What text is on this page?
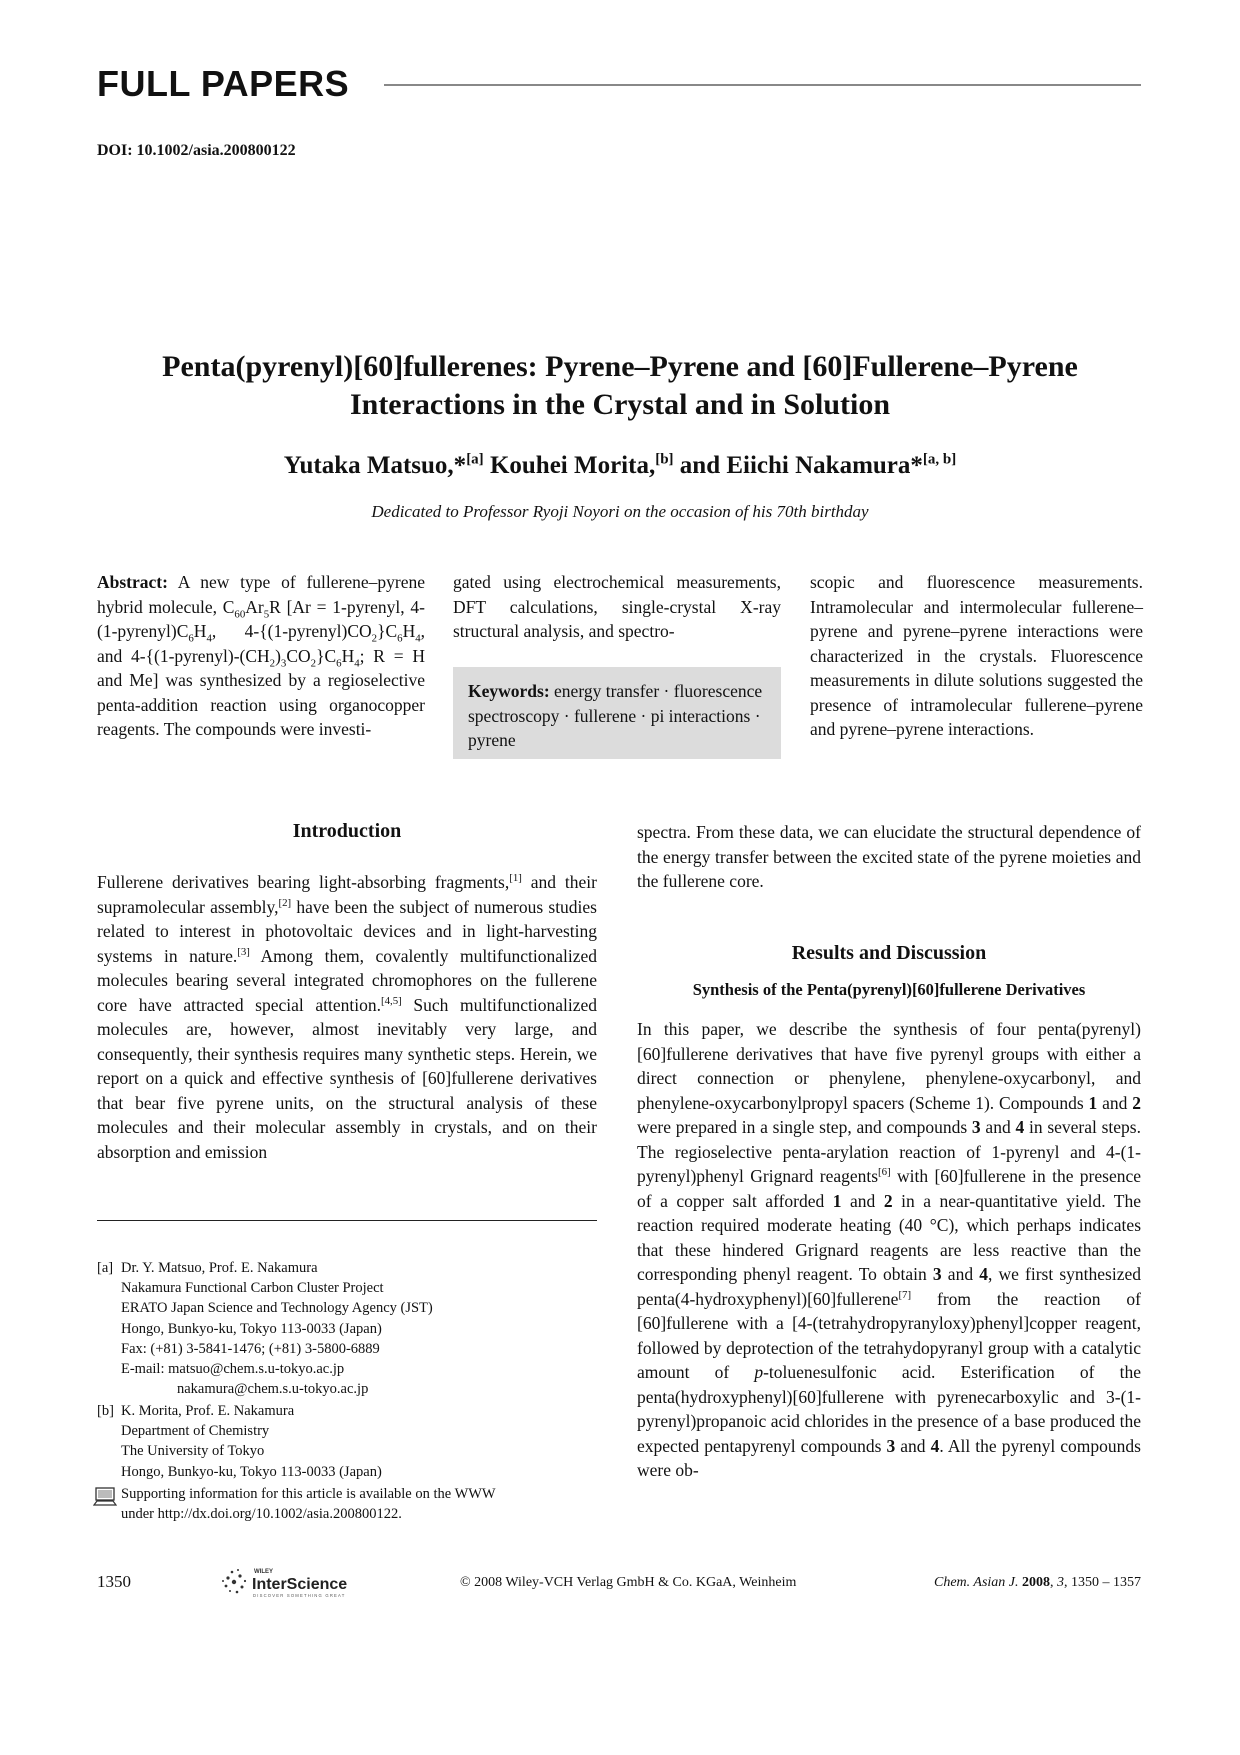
FULL PAPERS
DOI: 10.1002/asia.200800122
Penta(pyrenyl)[60]fullerenes: Pyrene–Pyrene and [60]Fullerene–Pyrene
Interactions in the Crystal and in Solution
Yutaka Matsuo,*[a] Kouhei Morita,[b] and Eiichi Nakamura*[a, b]
Dedicated to Professor Ryoji Noyori on the occasion of his 70th birthday
Abstract: A new type of fullerene–pyrene hybrid molecule, $C_{60}Ar_5R$ [Ar = 1-pyrenyl, $4-(1-pyrenyl)C_6H_4$, $4-\{(1-pyrenyl)CO_2\}C_6H_4$, and $4-\{(1-pyrenyl)-(CH_2)_3CO_2\}C_6H_4$; R = H and Me] was synthesized by a regioselective penta-addition reaction using organocopper reagents. The compounds were investi-
gated using electrochemical measurements, DFT calculations, single-crystal X-ray structural analysis, and spectro-
Keywords: energy transfer · fluorescence spectroscopy · fullerene · pi interactions · pyrene
scopic and fluorescence measurements. Intramolecular and intermolecular fullerene–pyrene and pyrene–pyrene interactions were characterized in the crystals. Fluorescence measurements in dilute solutions suggested the presence of intramolecular fullerene–pyrene and pyrene–pyrene interactions.
Introduction
Fullerene derivatives bearing light-absorbing fragments,[1] and their supramolecular assembly,[2] have been the subject of numerous studies related to interest in photovoltaic devices and in light-harvesting systems in nature.[3] Among them, covalently multifunctionalized molecules bearing several integrated chromophores on the fullerene core have attracted special attention.[4,5] Such multifunctionalized molecules are, however, almost inevitably very large, and consequently, their synthesis requires many synthetic steps. Herein, we report on a quick and effective synthesis of [60]fullerene derivatives that bear five pyrene units, on the structural analysis of these molecules and their molecular assembly in crystals, and on their absorption and emission
spectra. From these data, we can elucidate the structural dependence of the energy transfer between the excited state of the pyrene moieties and the fullerene core.
Results and Discussion
Synthesis of the Penta(pyrenyl)[60]fullerene Derivatives
In this paper, we describe the synthesis of four penta(pyrenyl)[60]fullerene derivatives that have five pyrenyl groups with either a direct connection or phenylene, phenylene-oxycarbonyl, and phenylene-oxycarbonylpropyl spacers (Scheme 1). Compounds 1 and 2 were prepared in a single step, and compounds 3 and 4 in several steps. The regioselective penta-arylation reaction of 1-pyrenyl and 4-(1-pyrenyl)phenyl Grignard reagents[6] with [60]fullerene in the presence of a copper salt afforded 1 and 2 in a near-quantitative yield. The reaction required moderate heating (40 °C), which perhaps indicates that these hindered Grignard reagents are less reactive than the corresponding phenyl reagent. To obtain 3 and 4, we first synthesized penta(4-hydroxyphenyl)[60]fullerene[7] from the reaction of [60]fullerene with a [4-(tetrahydropyranyloxy)phenyl]copper reagent, followed by deprotection of the tetrahydopyranyl group with a catalytic amount of p-toluenesulfonic acid. Esterification of the penta(hydroxyphenyl)[60]fullerene with pyrenecarboxylic and 3-(1-pyrenyl)propanoic acid chlorides in the presence of a base produced the expected pentapyrenyl compounds 3 and 4. All the pyrenyl compounds were ob-
[a] Dr. Y. Matsuo, Prof. E. Nakamura
Nakamura Functional Carbon Cluster Project
ERATO Japan Science and Technology Agency (JST)
Hongo, Bunkyo-ku, Tokyo 113-0033 (Japan)
Fax: (+81) 3-5841-1476; (+81) 3-5800-6889
E-mail: matsuo@chem.s.u-tokyo.ac.jp
nakamura@chem.s.u-tokyo.ac.jp
[b] K. Morita, Prof. E. Nakamura
Department of Chemistry
The University of Tokyo
Hongo, Bunkyo-ku, Tokyo 113-0033 (Japan)
Supporting information for this article is available on the WWW
under http://dx.doi.org/10.1002/asia.200800122.
1350	WILEY
InterScience
DISCOVER SOMETHING GREAT
© 2008 Wiley-VCH Verlag GmbH & Co. KGaA, Weinheim	Chem. Asian J. 2008, 3, 1350 – 1357
